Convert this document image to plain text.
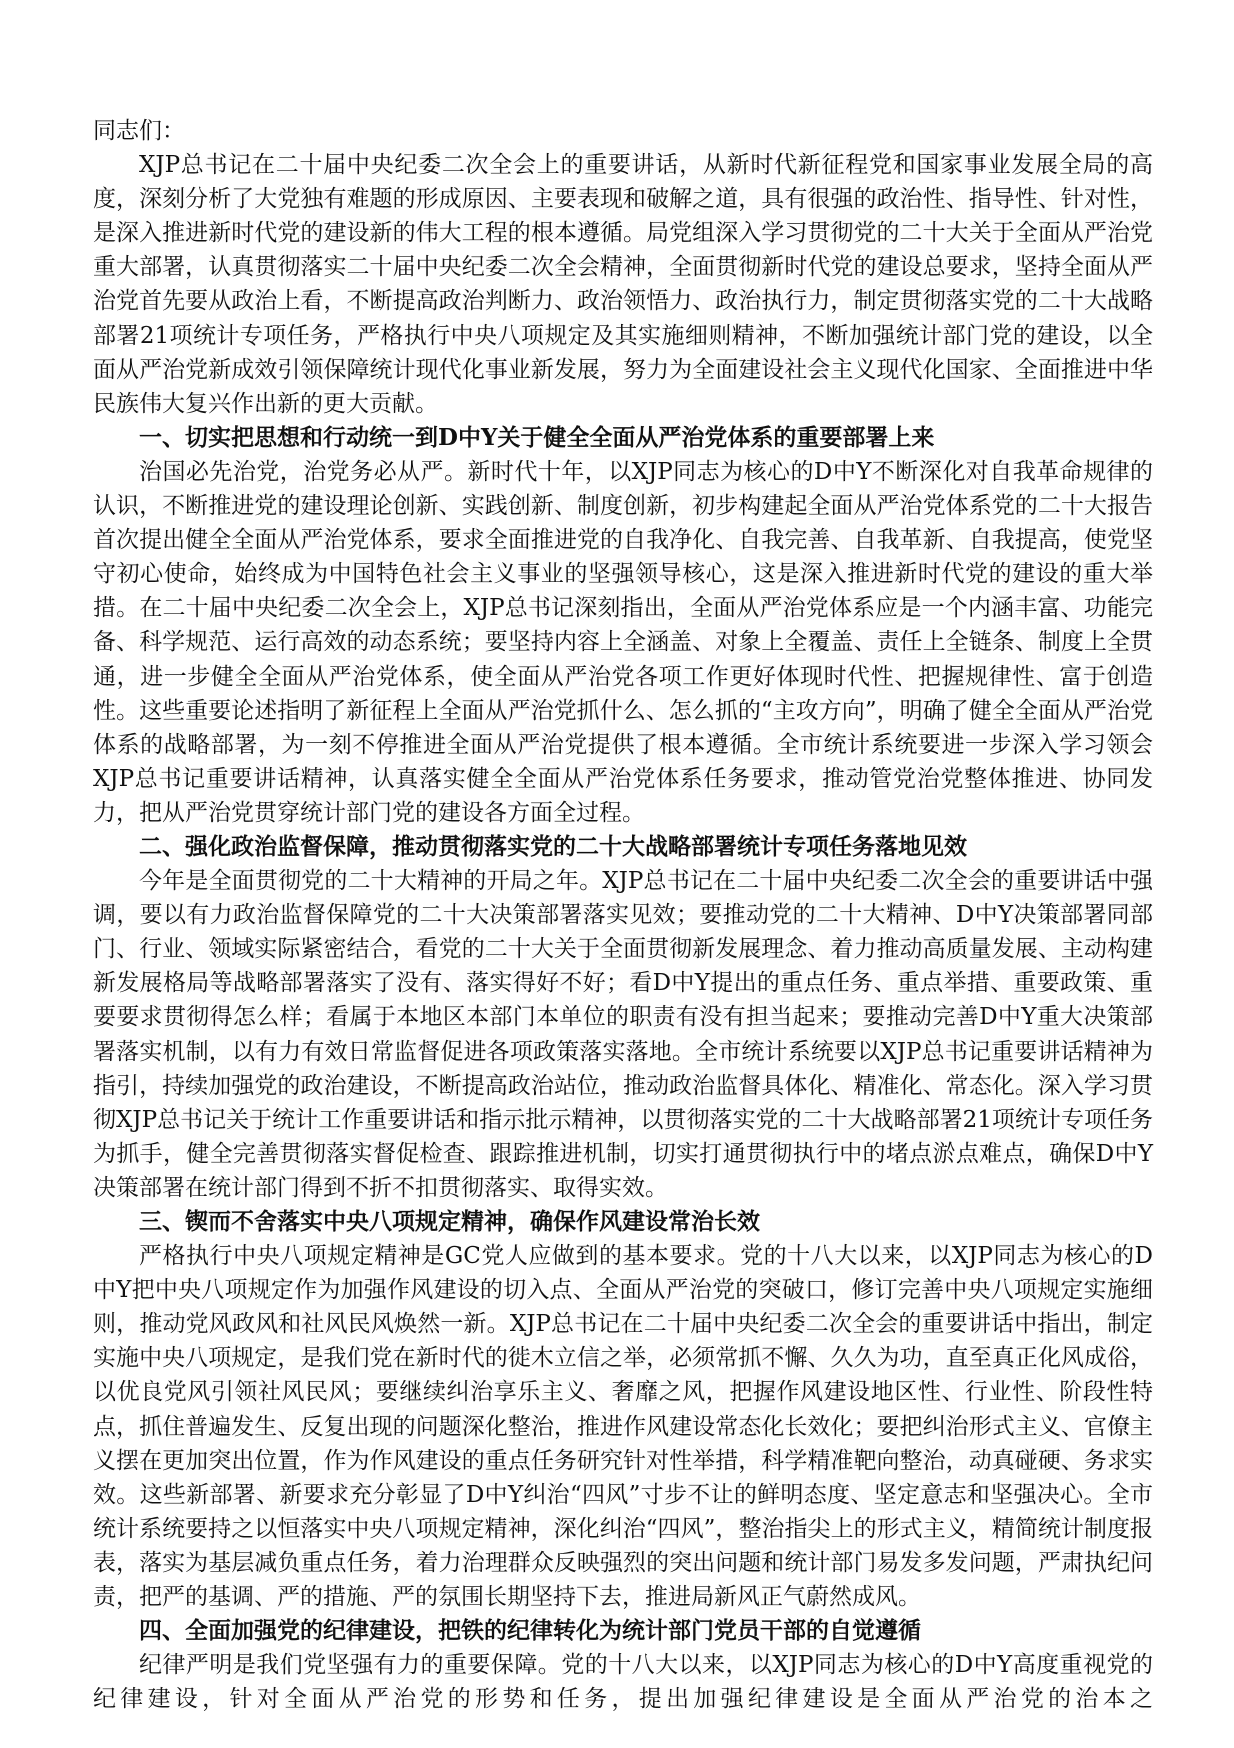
同志们：

XJP总书记在二十届中央纪委二次全会上的重要讲话，从新时代新征程党和国家事业发展全局的高度，深刻分析了大党独有难题的形成原因、主要表现和破解之道，具有很强的政治性、指导性、针对性，是深入推进新时代党的建设新的伟大工程的根本遵循。局党组深入学习贯彻党的二十大关于全面从严治党重大部署，认真贯彻落实二十届中央纪委二次全会精神，全面贯彻新时代党的建设总要求，坚持全面从严治党首先要从政治上看，不断提高政治判断力、政治领悟力、政治执行力，制定贯彻落实党的二十大战略部署21项统计专项任务，严格执行中央八项规定及其实施细则精神，不断加强统计部门党的建设，以全面从严治党新成效引领保障统计现代化事业新发展，努力为全面建设社会主义现代化国家、全面推进中华民族伟大复兴作出新的更大贡献。

一、切实把思想和行动统一到D中Y关于健全全面从严治党体系的重要部署上来

治国必先治党，治党务必从严。新时代十年，以XJP同志为核心的D中Y不断深化对自我革命规律的认识，不断推进党的建设理论创新、实践创新、制度创新，初步构建起全面从严治党体系党的二十大报告首次提出健全全面从严治党体系，要求全面推进党的自我净化、自我完善、自我革新、自我提高，使党坚守初心使命，始终成为中国特色社会主义事业的坚强领导核心，这是深入推进新时代党的建设的重大举措。在二十届中央纪委二次全会上，XJP总书记深刻指出，全面从严治党体系应是一个内涵丰富、功能完备、科学规范、运行高效的动态系统；要坚持内容上全涵盖、对象上全覆盖、责任上全链条、制度上全贯通，进一步健全全面从严治党体系，使全面从严治党各项工作更好体现时代性、把握规律性、富于创造性。这些重要论述指明了新征程上全面从严治党抓什么、怎么抓的“主攻方向”，明确了健全全面从严治党体系的战略部署，为一刻不停推进全面从严治党提供了根本遵循。全市统计系统要进一步深入学习领会XJP总书记重要讲话精神，认真落实健全全面从严治党体系任务要求，推动管党治党整体推进、协同发力，把从严治党贯穿统计部门党的建设各方面全过程。

二、强化政治监督保障，推动贯彻落实党的二十大战略部署统计专项任务落地见效

今年是全面贯彻党的二十大精神的开局之年。XJP总书记在二十届中央纪委二次全会的重要讲话中强调，要以有力政治监督保障党的二十大决策部署落实见效；要推动党的二十大精神、D中Y决策部署同部门、行业、领域实际紧密结合，看党的二十大关于全面贯彻新发展理念、着力推动高质量发展、主动构建新发展格局等战略部署落实了没有、落实得好不好；看D中Y提出的重点任务、重点举措、重要政策、重要要求贯彻得怎么样；看属于本地区本部门本单位的职责有没有担当起来；要推动完善D中Y重大决策部署落实机制，以有力有效日常监督促进各项政策落实落地。全市统计系统要以XJP总书记重要讲话精神为指引，持续加强党的政治建设，不断提高政治站位，推动政治监督具体化、精准化、常态化。深入学习贯彻XJP总书记关于统计工作重要讲话和指示批示精神，以贯彻落实党的二十大战略部署21项统计专项任务为抓手，健全完善贯彻落实督促检查、跟踪推进机制，切实打通贯彻执行中的堵点淤点难点，确保D中Y决策部署在统计部门得到不折不扣贯彻落实、取得实效。

三、锲而不舍落实中央八项规定精神，确保作风建设常治长效

严格执行中央八项规定精神是GC党人应做到的基本要求。党的十八大以来，以XJP同志为核心的D中Y把中央八项规定作为加强作风建设的切入点、全面从严治党的突破口，修订完善中央八项规定实施细则，推动党风政风和社风民风焕然一新。XJP总书记在二十届中央纪委二次全会的重要讲话中指出，制定实施中央八项规定，是我们党在新时代的徙木立信之举，必须常抓不懈、久久为功，直至真正化风成俗，以优良党风引领社风民风；要继续纠治享乐主义、奢靡之风，把握作风建设地区性、行业性、阶段性特点，抓住普遍发生、反复出现的问题深化整治，推进作风建设常态化长效化；要把纠治形式主义、官僚主义摆在更加突出位置，作为作风建设的重点任务研究针对性举措，科学精准靶向整治，动真碰硬、务求实效。这些新部署、新要求充分彰显了D中Y纠治“四风”寸步不让的鲜明态度、坚定意志和坚强决心。全市统计系统要持之以恒落实中央八项规定精神，深化纠治“四风”，整治指尖上的形式主义，精简统计制度报表，落实为基层减负重点任务，着力治理群众反映强烈的突出问题和统计部门易发多发问题，严肃执纪问责，把严的基调、严的措施、严的氛围长期坚持下去，推进局新风正气蔚然成风。

四、全面加强党的纪律建设，把铁的纪律转化为统计部门党员干部的自觉遵循

纪律严明是我们党坚强有力的重要保障。党的十八大以来，以XJP同志为核心的D中Y高度重视党的纪律建设，针对全面从严治党的形势和任务，提出加强纪律建设是全面从严治党的治本之
